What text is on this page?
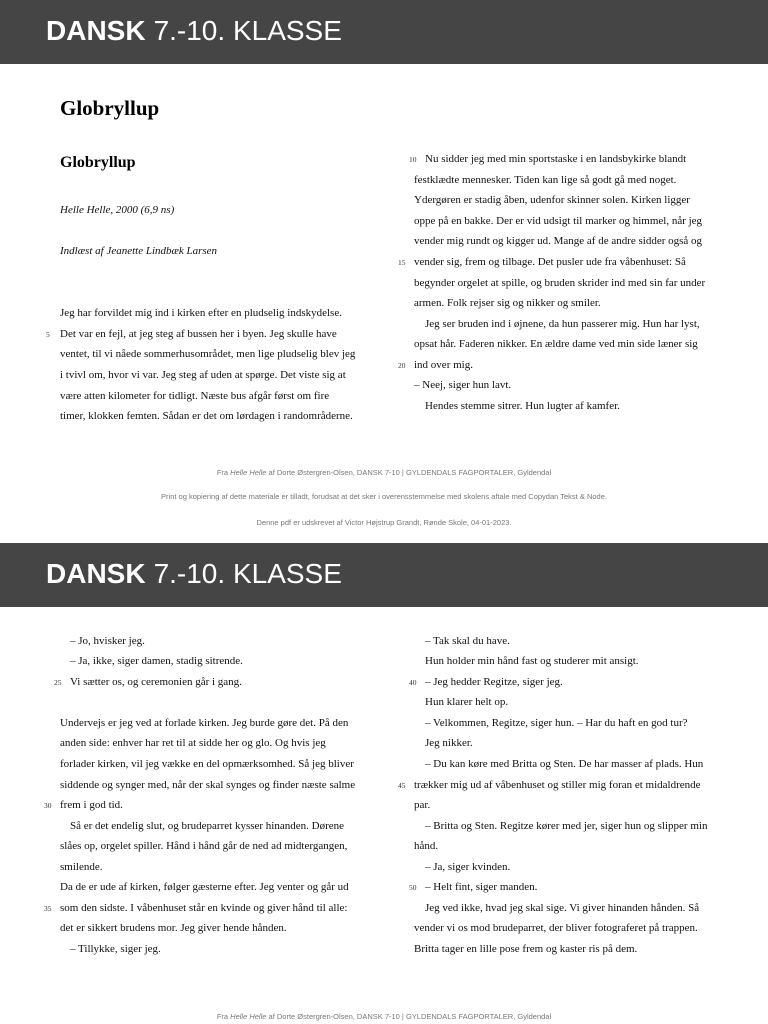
DANSK 7.-10. KLASSE
Globryllup
Globryllup
Helle Helle, 2000 (6,9 ns)
Indlæst af Jeanette Lindbæk Larsen
Jeg har forvildet mig ind i kirken efter en pludselig indskydelse.
Det var en fejl, at jeg steg af bussen her i byen. Jeg skulle have
ventet, til vi nåede sommerhusområdet, men lige pludselig blev jeg
i tvivl om, hvor vi var. Jeg steg af uden at spørge. Det viste sig at
være atten kilometer for tidligt. Næste bus afgår først om fire
timer, klokken femten. Sådan er det om lørdagen i randområderne.
5
Nu sidder jeg med min sportstaske i en landsbykirke blandt
festklædte mennesker. Tiden kan lige så godt gå med noget.
Ydergøren er stadig åben, udenfor skinner solen. Kirken ligger
oppe på en bakke. Der er vid udsigt til marker og himmel, når jeg
vender mig rundt og kigger ud. Mange af de andre sidder også og
vender sig, frem og tilbage. Det pusler ude fra våbenhuset: Så
begynder orgelet at spille, og bruden skrider ind med sin far under
armen. Folk rejser sig og nikker og smiler.
Jeg ser bruden ind i øjnene, da hun passerer mig. Hun har lyst,
opsat hår. Faderen nikker. En ældre dame ved min side læner sig
ind over mig.
– Neej, siger hun lavt.
Hendes stemme sitrer. Hun lugter af kamfer.
10
15
20
Fra Helle Helle af Dorte Østergren-Olsen, DANSK 7-10 | GYLDENDALS FAGPORTALER, Gyldendal
Print og kopiering af dette materiale er tilladt, forudsat at det sker i overensstemmelse med skolens aftale med Copydan Tekst & Node.
Denne pdf er udskrevet af Victor Højstrup Grandt, Rønde Skole, 04-01-2023.
DANSK 7.-10. KLASSE
– Jo, hvisker jeg.
– Ja, ikke, siger damen, stadig sitrende.
Vi sætter os, og ceremonien går i gang.
Undervejs er jeg ved at forlade kirken. Jeg burde gøre det. På den
anden side: enhver har ret til at sidde her og glo. Og hvis jeg
forlader kirken, vil jeg vække en del opmærksomhed. Så jeg bliver
siddende og synger med, når der skal synges og finder næste salme
frem i god tid.
Så er det endelig slut, og brudeparret kysser hinanden. Dørene
slåes op, orgelet spiller. Hånd i hånd går de ned ad midtergangen,
smilende.
Da de er ude af kirken, følger gæsterne efter. Jeg venter og går ud
som den sidste. I våbenhuset står en kvinde og giver hånd til alle:
det er sikkert brudens mor. Jeg giver hende hånden.
– Tillykke, siger jeg.
25
30
35
– Tak skal du have.
Hun holder min hånd fast og studerer mit ansigt.
– Jeg hedder Regitze, siger jeg.
Hun klarer helt op.
– Velkommen, Regitze, siger hun. – Har du haft en god tur?
Jeg nikker.
– Du kan køre med Britta og Sten. De har masser af plads. Hun
trækker mig ud af våbenhuset og stiller mig foran et midaldrende
par.
– Britta og Sten. Regitze kører med jer, siger hun og slipper min
hånd.
– Ja, siger kvinden.
– Helt fint, siger manden.
Jeg ved ikke, hvad jeg skal sige. Vi giver hinanden hånden. Så
vender vi os mod brudeparret, der bliver fotograferet på trappen.
Britta tager en lille pose frem og kaster ris på dem.
40
45
50
Fra Helle Helle af Dorte Østergren-Olsen, DANSK 7-10 | GYLDENDALS FAGPORTALER, Gyldendal
